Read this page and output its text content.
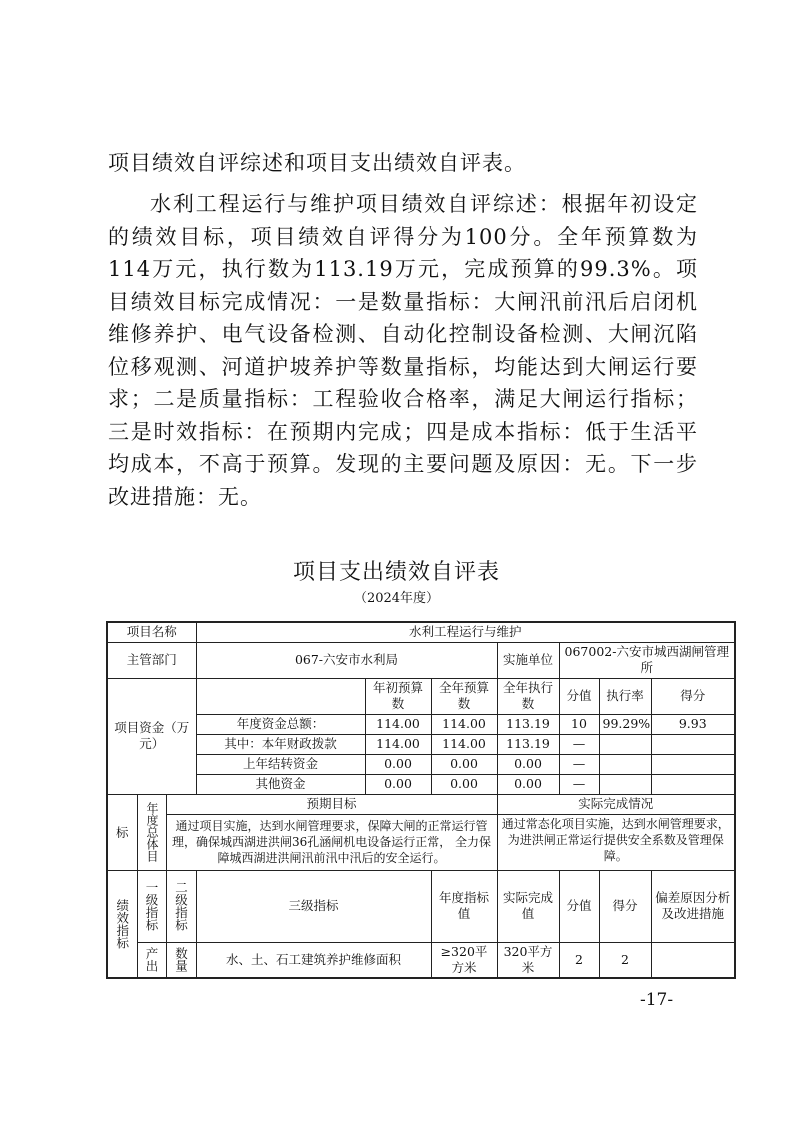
项目绩效自评综述和项目支出绩效自评表。

水利工程运行与维护项目绩效自评综述：根据年初设定的绩效目标，项目绩效自评得分为100分。全年预算数为114万元，执行数为113.19万元，完成预算的99.3%。项目绩效目标完成情况：一是数量指标：大闸汛前汛后启闭机维修养护、电气设备检测、自动化控制设备检测、大闸沉陷位移观测、河道护坡养护等数量指标，均能达到大闸运行要求；二是质量指标：工程验收合格率，满足大闸运行指标；三是时效指标：在预期内完成；四是成本指标：低于生活平均成本，不高于预算。发现的主要问题及原因：无。下一步改进措施：无。

项目支出绩效自评表
（2024年度）
项目名称			水利工程运行与维护						
主管部门			067-六安市水利局			实施单位	067002-六安市城西湖闸管理所		
项目资金（万元）				年初预算数	全年预算数	全年执行数	分值	执行率	得分
			年度资金总额：	114.00	114.00	113.19	10	99.29%	9.93
			其中：本年财政拨款	114.00	114.00	113.19	—		
			上年结转资金	0.00	0.00	0.00	—		
			其他资金	0.00	0.00	0.00	—		
标	年度总体目	预期目标				实际完成情况			
		通过项目实施，达到水闸管理要求，保障大闸的正常运行管理，确保城西湖进洪闸36孔涵闸机电设备运行正常， 全力保障城西湖进洪闸汛前汛中汛后的安全运行。				通过常态化项目实施，达到水闸管理要求，为进洪闸正常运行提供安全系数及管理保障。			
绩效指标	一级指标	二级指标	三级指标		年度指标值	实际完成值	分值	得分	偏差原因分析及改进措施
	产出	数量	水、土、石工建筑养护维修面积		≥320平方米	320平方米	2	2	
-17-
